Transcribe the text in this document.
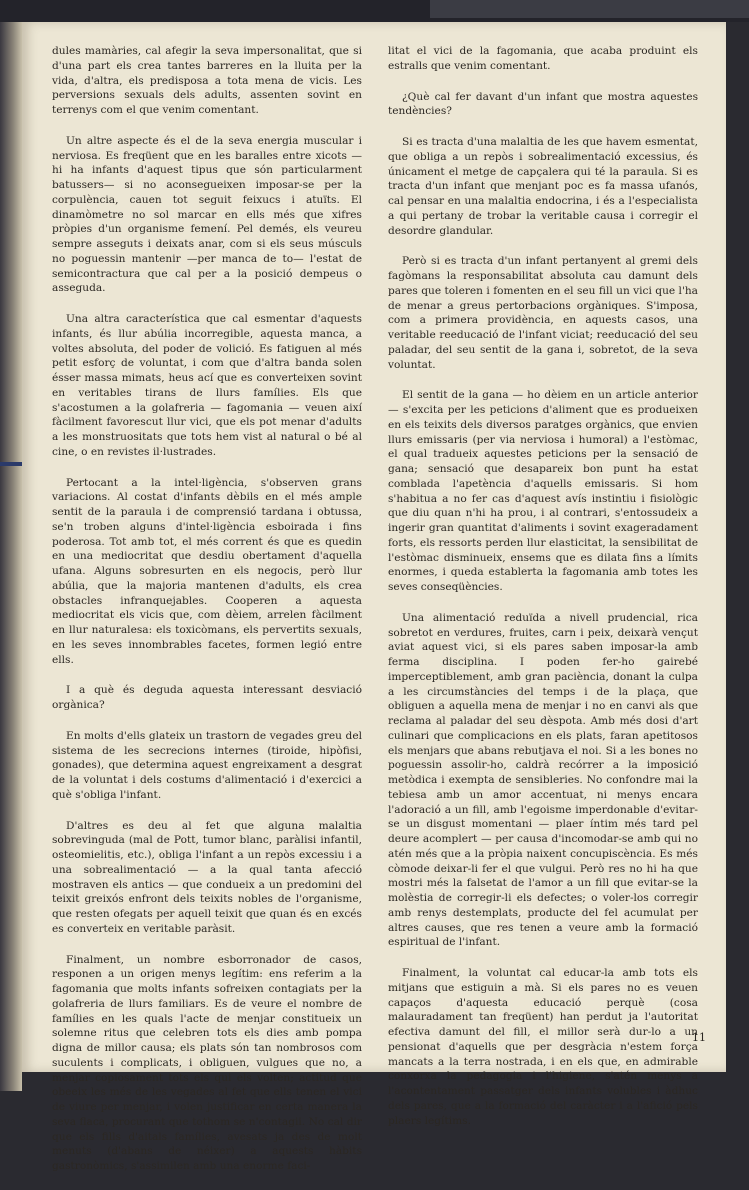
dules mamàries, cal afegir la seva impersonalitat, que si d'una part els crea tantes barreres en la lluita per la vida, d'altra, els predisposa a tota mena de vicis. Les perversions sexuals dels adults, assenten sovint en terrenys com el que venim comentant.

Un altre aspecte és el de la seva energia muscular i nerviosa. Es freqüent que en les baralles entre xicots —hi ha infants d'aquest tipus que són particularment batussers— si no aconsegueixen imposar-se per la corpulència, cauen tot seguit feixucs i atuïts. El dinamòmetre no sol marcar en ells més que xifres pròpies d'un organisme femení. Pel demés, els veureu sempre asseguts i deixats anar, com si els seus músculs no poguessin mantenir —per manca de to— l'estat de semicontractura que cal per a la posició dempeus o asseguda.

Una altra característica que cal esmentar d'aquests infants, és llur abúlia incorregible, aquesta manca, a voltes absoluta, del poder de volició. Es fatiguen al més petit esforç de voluntat, i com que d'altra banda solen ésser massa mimats, heus ací que es converteixen sovint en veritables tirans de llurs famílies. Els que s'acostumen a la golafreria — fagomania — veuen així fàcilment favorescut llur vici, que els pot menar d'adults a les monstruositats que tots hem vist al natural o bé al cine, o en revistes il·lustrades.

Pertocant a la intel·ligència, s'observen grans variacions. Al costat d'infants dèbils en el més ample sentit de la paraula i de comprensió tardana i obtussa, se'n troben alguns d'intel·ligència esboirada i fins poderosa. Tot amb tot, el més corrent és que es quedin en una mediocritat que desdiu obertament d'aquella ufana. Alguns sobresurten en els negocis, però llur abúlia, que la majoria mantenen d'adults, els crea obstacles infranquejables. Cooperen a aquesta mediocritat els vicis que, com dèiem, arrelen fàcilment en llur naturalesa: els toxicòmans, els pervertits sexuals, en les seves innombrables facetes, formen legió entre ells.

I a què és deguda aquesta interessant desviació orgànica?

En molts d'ells glateix un trastorn de vegades greu del sistema de les secrecions internes (tiroide, hipòfisi, gonades), que determina aquest engreixament a desgrat de la voluntat i dels costums d'alimentació i d'exercici a què s'obliga l'infant.

D'altres es deu al fet que alguna malaltia sobrevinguda (mal de Pott, tumor blanc, paràlisi infantil, osteomielitis, etc.), obliga l'infant a un repòs excessiu i a una sobrealimentació — a la qual tanta afecció mostraven els antics — que condueix a un predomini del teixit greixós enfront dels teixits nobles de l'organisme, que resten ofegats per aquell teixit que quan és en excés es converteix en veritable paràsit.

Finalment, un nombre esborronador de casos, responen a un origen menys legítim: ens referim a la fagomania que molts infants sofreixen contagiats per la golafreria de llurs familiars. Es de veure el nombre de famílies en les quals l'acte de menjar constitueix un solemne ritus que celebren tots els dies amb pompa digna de millor causa; els plats són tan nombrosos com suculents i complicats, i obliguen, vulgues que no, a menjar copiosament tots els qui els volten; actitud que obeeix les més de les vegades al fet que ells tenen el vici de viure per menjar, i volen justificar en certa manera la seva flaca, procurant que tothom se n'contagii. No cal dir que els fills d'aitals famílies, avesats ja des de molt menuts (d'abans de néixer) a aquests hàbits gastronòmics, s'assimilen amb una enorme faci-

litat el vici de la fagomania, que acaba produint els estralls que venim comentant.

¿Què cal fer davant d'un infant que mostra aquestes tendències?

Si es tracta d'una malaltia de les que havem esmentat, que obliga a un repòs i sobrealimentació excessius, és únicament el metge de capçalera qui té la paraula. Si es tracta d'un infant que menjant poc es fa massa ufanós, cal pensar en una malaltia endocrina, i és a l'especialista a qui pertany de trobar la veritable causa i corregir el desordre glandular.

Però si es tracta d'un infant pertanyent al gremi dels fagòmans la responsabilitat absoluta cau damunt dels pares que toleren i fomenten en el seu fill un vici que l'ha de menar a greus pertorbacions orgàniques. S'imposa, com a primera providència, en aquests casos, una veritable reeducació de l'infant viciat; reeducació del seu paladar, del seu sentit de la gana i, sobretot, de la seva voluntat.

El sentit de la gana — ho dèiem en un article anterior — s'excita per les peticions d'aliment que es produeixen en els teixits dels diversos paratges orgànics, que envien llurs emissaris (per via nerviosa i humoral) a l'estòmac, el qual tradueix aquestes peticions per la sensació de gana; sensació que desapareix bon punt ha estat comblada l'apetència d'aquells emissaris. Si hom s'habitua a no fer cas d'aquest avís instintiu i fisiològic que diu quan n'hi ha prou, i al contrari, s'entossudeix a ingerir gran quantitat d'aliments i sovint exageradament forts, els ressorts perden llur elasticitat, la sensibilitat de l'estòmac disminueix, ensems que es dilata fins a límits enormes, i queda establerta la fagomania amb totes les seves conseqüències.

Una alimentació reduïda a nivell prudencial, rica sobretot en verdures, fruites, carn i peix, deixarà vençut aviat aquest vici, si els pares saben imposar-la amb ferma disciplina. I poden fer-ho gairebé imperceptiblement, amb gran paciència, donant la culpa a les circumstàncies del temps i de la plaça, que obliguen a aquella mena de menjar i no en canvi als que reclama al paladar del seu dèspota. Amb més dosi d'art culinari que complicacions en els plats, faran apetitosos els menjars que abans rebutjava el noi. Si a les bones no poguessin assolir-ho, caldrà recórrer a la imposició metòdica i exempta de sensibleries. No confondre mai la tebiesa amb un amor accentuat, ni menys encara l'adoració a un fill, amb l'egoisme imperdonable d'evitar-se un disgust momentani — plaer íntim més tard pel deure acomplert — per causa d'incomodar-se amb qui no atén més que a la pròpia naixent concupiscència. Es més còmode deixar-li fer el que vulgui. Però res no hi ha que mostri més la falsetat de l'amor a un fill que evitar-se la molèstia de corregir-li els defectes; o voler-los corregir amb renys destemplats, producte del fel acumulat per altres causes, que res tenen a veure amb la formació espiritual de l'infant.

Finalment, la voluntat cal educar-la amb tots els mitjans que estiguin a mà. Si els pares no es veuen capaços d'aquesta educació perquè (cosa malauradament tan freqüent) han perdut ja l'autoritat efectiva damunt del fill, el millor serà dur-lo a un pensionat d'aquells que per desgràcia n'estem força mancats a la terra nostrada, i en els que, en admirable conxorxa la pedagogia i l'higiene, s'atén menys a l'acontentament passatger dels infants volubles i àdhuc dels pares, que a la formació del caràcter i a l'afició pels plaers legítims.

11
